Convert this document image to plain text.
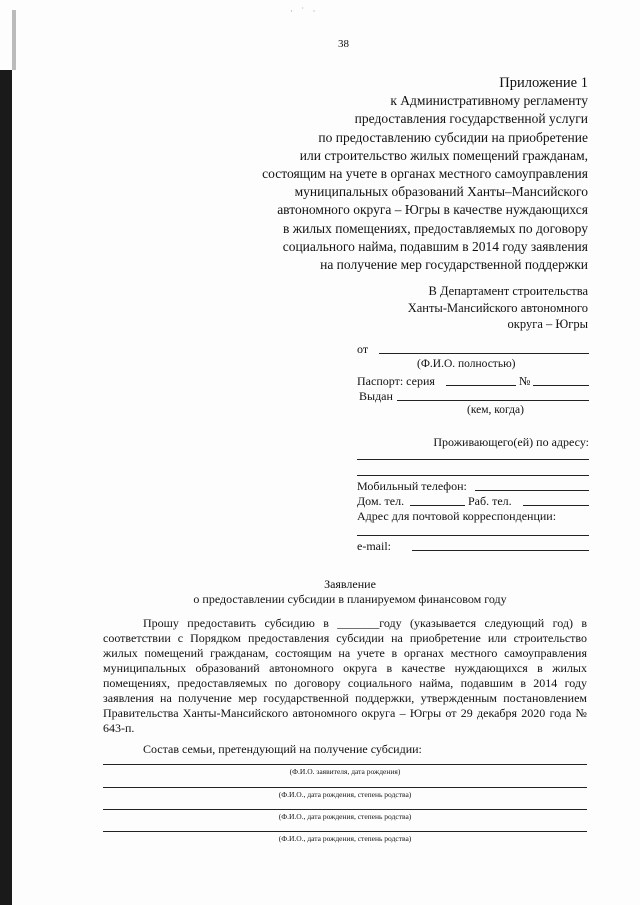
· ˙ ·
38
Приложение 1
к Административному регламенту
предоставления государственной услуги
по предоставлению субсидии на приобретение
или строительство жилых помещений гражданам,
состоящим на учете в органах местного самоуправления
муниципальных образований Ханты–Мансийского
автономного округа – Югры в качестве нуждающихся
в жилых помещениях, предоставляемых по договору
социального найма, подавшим в 2014 году заявления
на получение мер государственной поддержки
В Департамент строительства
Ханты-Мансийского автономного
округа – Югры
от
(Ф.И.О. полностью)
Паспорт: серия	№
Выдан
(кем, когда)
Проживающего(ей) по адресу:
Мобильный телефон:
Дом. тел.	Раб. тел.
Адрес для почтовой корреспонденции:
e-mail:
Заявление
о предоставлении субсидии в планируемом финансовом году

Прошу предоставить субсидию в _______году (указывается следующий год) в соответствии с Порядком предоставления субсидии на приобретение или строительство жилых помещений гражданам, состоящим на учете в органах местного самоуправления муниципальных образований автономного округа в качестве нуждающихся в жилых помещениях, предоставляемых по договору социального найма, подавшим в 2014 году заявления на получение мер государственной поддержки, утвержденным постановлением Правительства Ханты-Мансийского автономного округа – Югры от 29 декабря 2020 года № 643-п.

Состав семьи, претендующий на получение субсидии:
(Ф.И.О. заявителя, дата рождения)
(Ф.И.О., дата рождения, степень родства)
(Ф.И.О., дата рождения, степень родства)
(Ф.И.О., дата рождения, степень родства)
